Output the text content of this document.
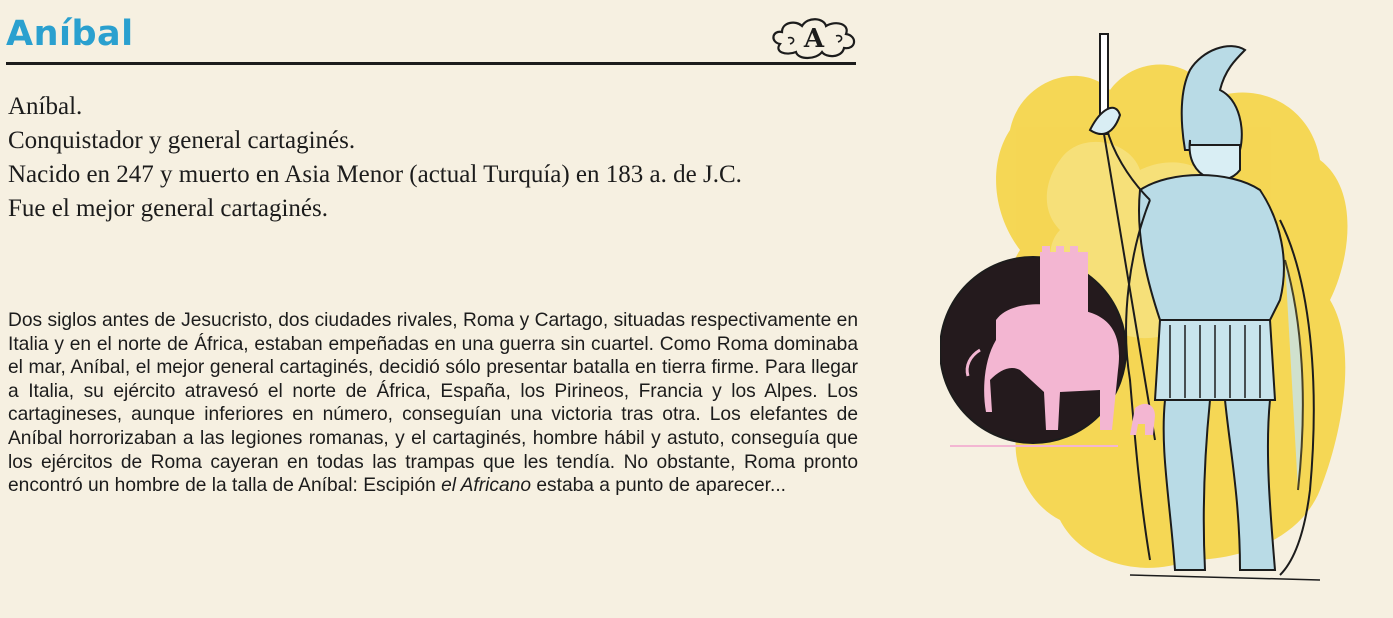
Aníbal	A

Aníbal.

Conquistador y general cartaginés.

Nacido en 247 y muerto en Asia Menor (actual Turquía) en 183 a. de J.C.

Fue el mejor general cartaginés.

Dos siglos antes de Jesucristo, dos ciudades rivales, Roma y Cartago, situadas respectivamente en Italia y en el norte de África, estaban empeñadas en una guerra sin cuartel. Como Roma dominaba el mar, Aníbal, el mejor general cartaginés, decidió sólo presentar batalla en tierra firme. Para llegar a Italia, su ejército atravesó el norte de África, España, los Pirineos, Francia y los Alpes. Los cartagineses, aunque inferiores en número, conseguían una victoria tras otra. Los elefantes de Aníbal horrorizaban a las legiones romanas, y el cartaginés, hombre hábil y astuto, conseguía que los ejércitos de Roma cayeran en todas las trampas que les tendía. No obstante, Roma pronto encontró un hombre de la talla de Aníbal: Escipión el Africano estaba a punto de aparecer...
